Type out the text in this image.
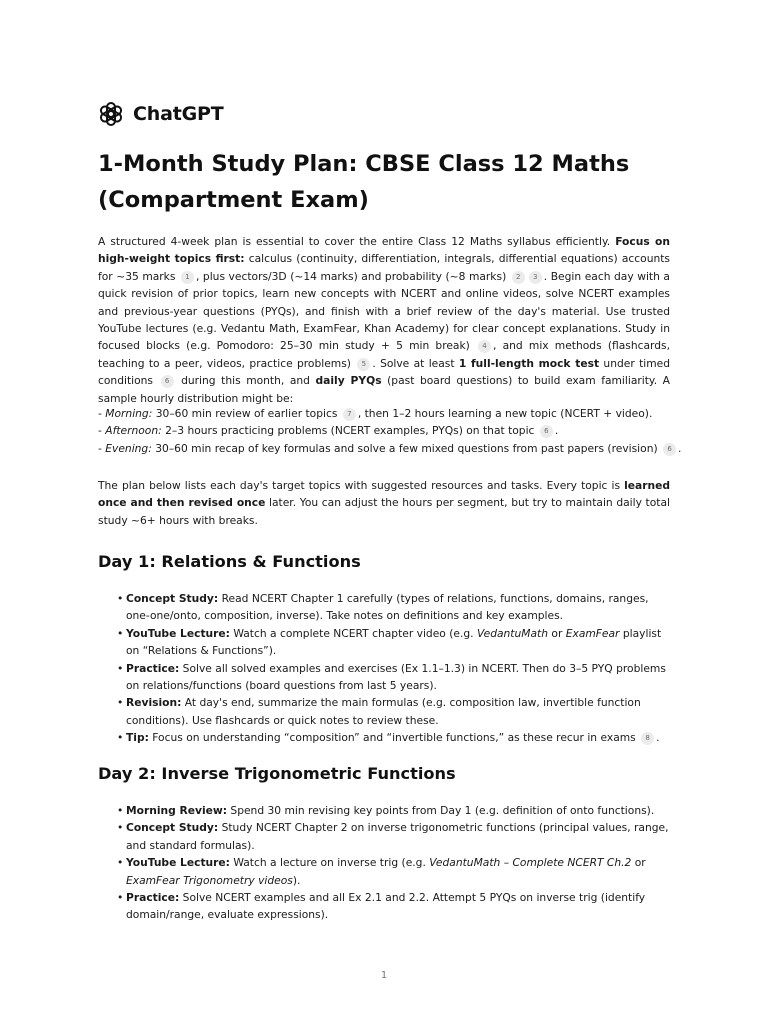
ChatGPT
1-Month Study Plan: CBSE Class 12 Maths (Compartment Exam)

A structured 4-week plan is essential to cover the entire Class 12 Maths syllabus efficiently. Focus on high-weight topics first: calculus (continuity, differentiation, integrals, differential equations) accounts for ~35 marks 1 , plus vectors/3D (~14 marks) and probability (~8 marks) 2 3 . Begin each day with a quick revision of prior topics, learn new concepts with NCERT and online videos, solve NCERT examples and previous-year questions (PYQs), and finish with a brief review of the day's material. Use trusted YouTube lectures (e.g. Vedantu Math, ExamFear, Khan Academy) for clear concept explanations. Study in focused blocks (e.g. Pomodoro: 25–30 min study + 5 min break) 4 , and mix methods (flashcards, teaching to a peer, videos, practice problems) 5 . Solve at least 1 full-length mock test under timed conditions 6 during this month, and daily PYQs (past board questions) to build exam familiarity. A sample hourly distribution might be:

- Morning: 30–60 min review of earlier topics 7 , then 1–2 hours learning a new topic (NCERT + video).
- Afternoon: 2–3 hours practicing problems (NCERT examples, PYQs) on that topic 6 .
- Evening: 30–60 min recap of key formulas and solve a few mixed questions from past papers (revision) 6 .

The plan below lists each day's target topics with suggested resources and tasks. Every topic is learned once and then revised once later. You can adjust the hours per segment, but try to maintain daily total study ~6+ hours with breaks.

Day 1: Relations & Functions
• Concept Study: Read NCERT Chapter 1 carefully (types of relations, functions, domains, ranges, one-one/onto, composition, inverse). Take notes on definitions and key examples.
• YouTube Lecture: Watch a complete NCERT chapter video (e.g. VedantuMath or ExamFear playlist on “Relations & Functions”).
• Practice: Solve all solved examples and exercises (Ex 1.1–1.3) in NCERT. Then do 3–5 PYQ problems on relations/functions (board questions from last 5 years).
• Revision: At day's end, summarize the main formulas (e.g. composition law, invertible function conditions). Use flashcards or quick notes to review these.
• Tip: Focus on understanding “composition” and “invertible functions,” as these recur in exams 8 .
Day 2: Inverse Trigonometric Functions
• Morning Review: Spend 30 min revising key points from Day 1 (e.g. definition of onto functions).
• Concept Study: Study NCERT Chapter 2 on inverse trigonometric functions (principal values, range, and standard formulas).
• YouTube Lecture: Watch a lecture on inverse trig (e.g. VedantuMath – Complete NCERT Ch.2 or ExamFear Trigonometry videos).
• Practice: Solve NCERT examples and all Ex 2.1 and 2.2. Attempt 5 PYQs on inverse trig (identify domain/range, evaluate expressions).
1
